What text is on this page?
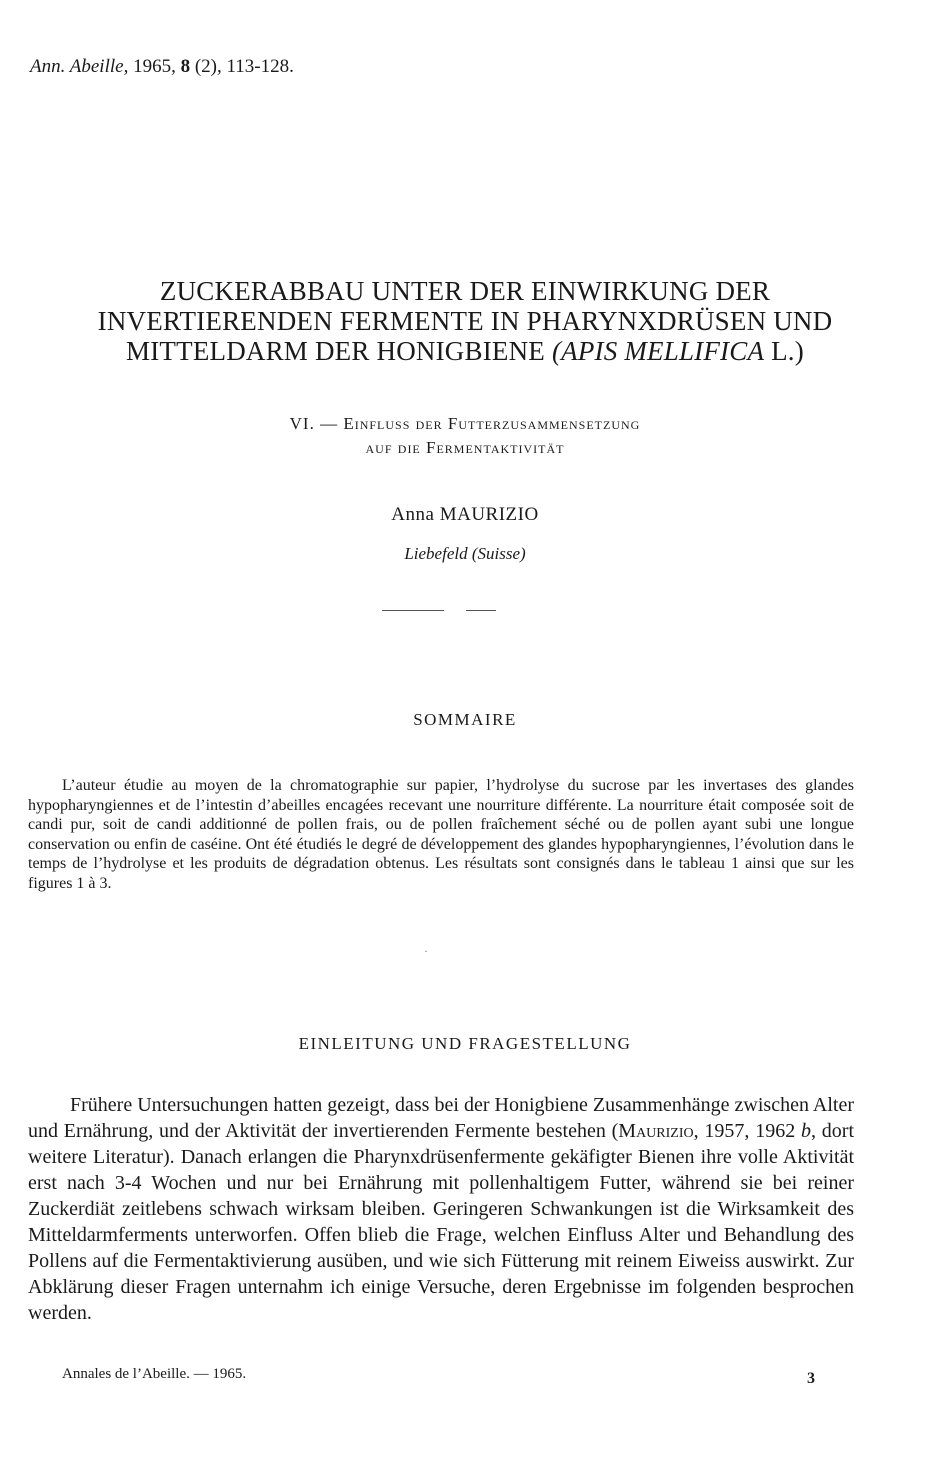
Ann. Abeille, 1965, 8 (2), 113-128.
ZUCKERABBAU UNTER DER EINWIRKUNG DER
INVERTIERENDEN FERMENTE IN PHARYNXDRÜSEN UND
MITTELDARM DER HONIGBIENE (APIS MELLIFICA L.)
VI. — Einfluss der Futterzusammensetzung
auf die Fermentaktivität
Anna MAURIZIO
Liebefeld (Suisse)
SOMMAIRE
L’auteur étudie au moyen de la chromatographie sur papier, l’hydrolyse du sucrose par les invertases des glandes hypopharyngiennes et de l’intestin d’abeilles encagées recevant une nourriture différente. La nourriture était composée soit de candi pur, soit de candi additionné de pollen frais, ou de pollen fraîchement séché ou de pollen ayant subi une longue conservation ou enfin de caséine. Ont été étudiés le degré de développement des glandes hypopharyngiennes, l’évolution dans le temps de l’hydrolyse et les produits de dégradation obtenus. Les résultats sont consignés dans le tableau 1 ainsi que sur les figures 1 à 3.
·
EINLEITUNG UND FRAGESTELLUNG
Frühere Untersuchungen hatten gezeigt, dass bei der Honigbiene Zusammenhänge zwischen Alter und Ernährung, und der Aktivität der invertierenden Fermente bestehen (Maurizio, 1957, 1962 b, dort weitere Literatur). Danach erlangen die Pharynxdrüsenfermente gekäfigter Bienen ihre volle Aktivität erst nach 3-4 Wochen und nur bei Ernährung mit pollenhaltigem Futter, während sie bei reiner Zuckerdiät zeitlebens schwach wirksam bleiben. Geringeren Schwankungen ist die Wirksamkeit des Mitteldarmferments unterworfen. Offen blieb die Frage, welchen Einfluss Alter und Behandlung des Pollens auf die Fermentaktivierung ausüben, und wie sich Fütterung mit reinem Eiweiss auswirkt. Zur Abklärung dieser Fragen unternahm ich einige Versuche, deren Ergebnisse im folgenden besprochen werden.
Annales de l’Abeille. — 1965.	3
